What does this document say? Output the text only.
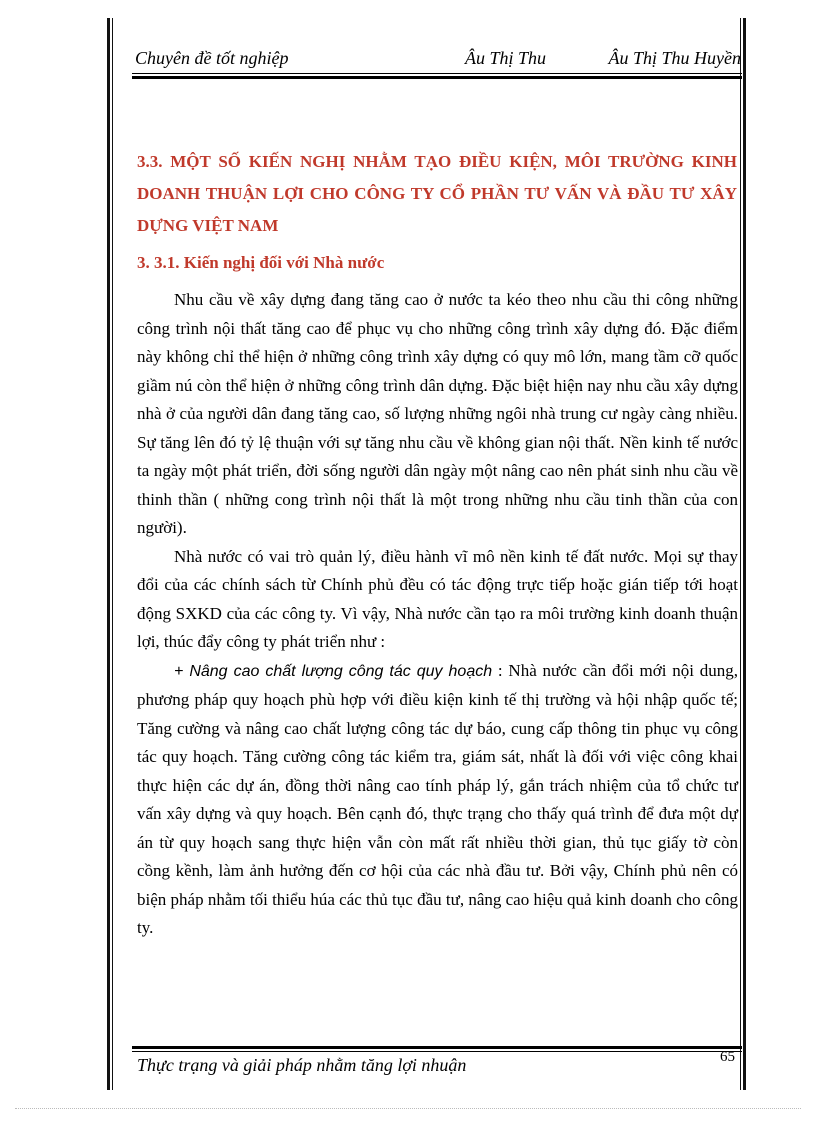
Chuyên đề tốt nghiệp	Âu Thị Thu	Âu Thị Thu Huyền
3.3. MỘT SỐ KIẾN NGHỊ NHẰM TẠO ĐIỀU KIỆN, MÔI TRƯỜNG KINH DOANH THUẬN LỢI CHO CÔNG TY CỔ PHẦN TƯ VẤN VÀ ĐẦU TƯ XÂY DỰNG VIỆT NAM
3. 3.1. Kiến nghị đối với Nhà nước

Nhu cầu về xây dựng đang tăng cao ở nước ta kéo theo nhu cầu thi công những công trình nội thất tăng cao để phục vụ cho những công trình xây dựng đó. Đặc điểm này không chỉ thể hiện ở những công trình xây dựng có quy mô lớn, mang tầm cỡ quốc giầm nú còn thể hiện ở những công trình dân dựng. Đặc biệt hiện nay nhu cầu xây dựng nhà ở của người dân đang tăng cao, số lượng những ngôi nhà trung cư ngày càng nhiều. Sự tăng lên đó tỷ lệ thuận với sự tăng nhu cầu về không gian nội thất. Nền kinh tế nước ta ngày một phát triển, đời sống người dân ngày một nâng cao nên phát sinh nhu cầu về thinh thần ( những cong trình nội thất là một trong những nhu cầu tinh thần của con người).

Nhà nước có vai trò quản lý, điều hành vĩ mô nền kinh tế đất nước. Mọi sự thay đổi của các chính sách từ Chính phủ đều có tác động trực tiếp hoặc gián tiếp tới hoạt động SXKD của các công ty. Vì vậy, Nhà nước cần tạo ra môi trường kinh doanh thuận lợi, thúc đẩy công ty phát triển như :

+ Nâng cao chất lượng công tác quy hoạch : Nhà nước cần đổi mới nội dung, phương pháp quy hoạch phù hợp với điều kiện kinh tế thị trường và hội nhập quốc tế; Tăng cường và nâng cao chất lượng công tác dự báo, cung cấp thông tin phục vụ công tác quy hoạch. Tăng cường công tác kiểm tra, giám sát, nhất là đối với việc công khai thực hiện các dự án, đồng thời nâng cao tính pháp lý, gắn trách nhiệm của tổ chức tư vấn xây dựng và quy hoạch. Bên cạnh đó, thực trạng cho thấy quá trình để đưa một dự án từ quy hoạch sang thực hiện vẫn còn mất rất nhiều thời gian, thủ tục giấy tờ còn cồng kềnh, làm ảnh hưởng đến cơ hội của các nhà đầu tư. Bởi vậy, Chính phủ nên có biện pháp nhằm tối thiểu húa các thủ tục đầu tư, nâng cao hiệu quả kinh doanh cho công ty.

Thực trạng và giải pháp nhằm tăng lợi nhuận	65
